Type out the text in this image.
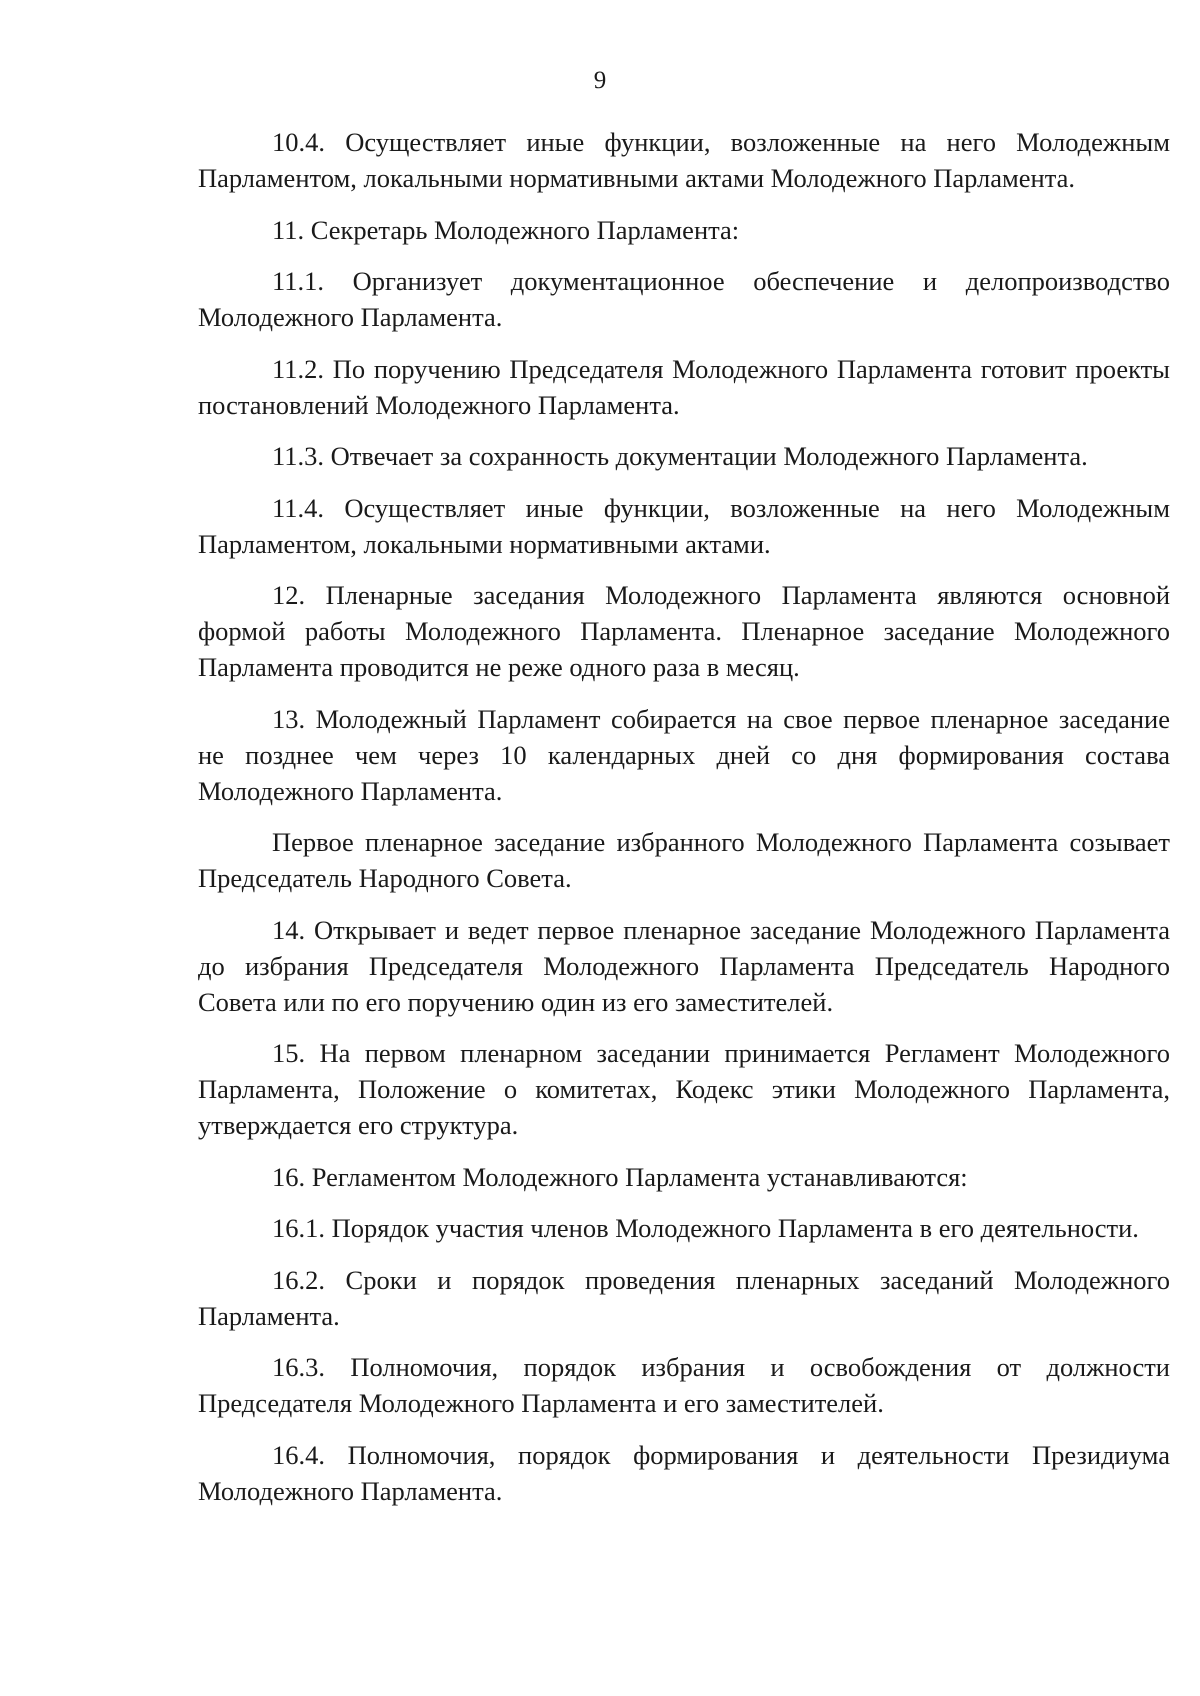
9

10.4. Осуществляет иные функции, возложенные на него Молодежным Парламентом, локальными нормативными актами Молодежного Парламента.

11. Секретарь Молодежного Парламента:

11.1. Организует документационное обеспечение и делопроизводство Молодежного Парламента.

11.2. По поручению Председателя Молодежного Парламента готовит проекты постановлений Молодежного Парламента.

11.3. Отвечает за сохранность документации Молодежного Парламента.

11.4. Осуществляет иные функции, возложенные на него Молодежным Парламентом, локальными нормативными актами.

12. Пленарные заседания Молодежного Парламента являются основной формой работы Молодежного Парламента. Пленарное заседание Молодежного Парламента проводится не реже одного раза в месяц.

13. Молодежный Парламент собирается на свое первое пленарное заседание не позднее чем через 10 календарных дней со дня формирования состава Молодежного Парламента.

Первое пленарное заседание избранного Молодежного Парламента созывает Председатель Народного Совета.

14. Открывает и ведет первое пленарное заседание Молодежного Парламента до избрания Председателя Молодежного Парламента Председатель Народного Совета или по его поручению один из его заместителей.

15. На первом пленарном заседании принимается Регламент Молодежного Парламента, Положение о комитетах, Кодекс этики Молодежного Парламента, утверждается его структура.

16. Регламентом Молодежного Парламента устанавливаются:

16.1. Порядок участия членов Молодежного Парламента в его деятельности.

16.2. Сроки и порядок проведения пленарных заседаний Молодежного Парламента.

16.3. Полномочия, порядок избрания и освобождения от должности Председателя Молодежного Парламента и его заместителей.

16.4. Полномочия, порядок формирования и деятельности Президиума Молодежного Парламента.
